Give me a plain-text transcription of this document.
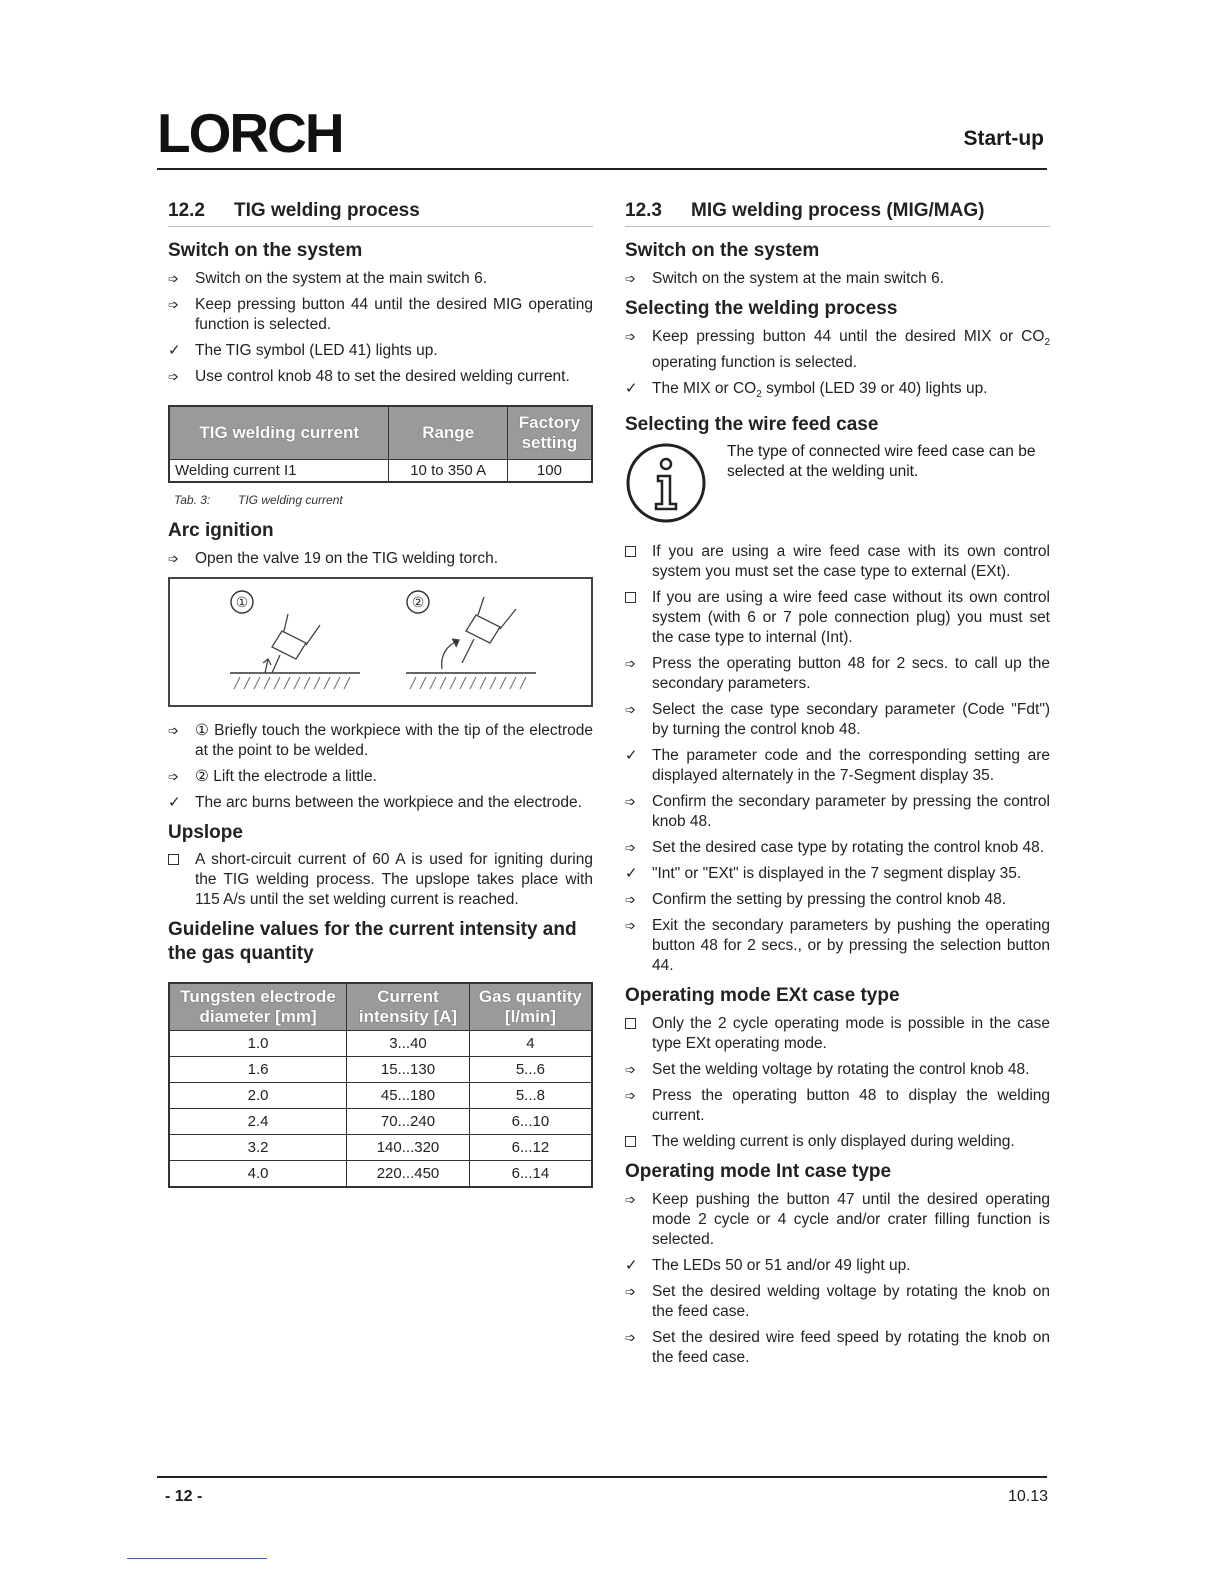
LORCH	Start-up
12.2 TIG welding process
Switch on the system
➩
Switch on the system at the main switch 6.
➩
Keep pressing button 44 until the desired MIG operating function is selected.
✓
The TIG symbol (LED 41) lights up.
➩
Use control knob 48 to set the desired welding current.
TIG welding current	Range	Factory setting
Welding current I1	10 to 350 A	100
Tab. 3: TIG welding current
Arc ignition
➩
Open the valve 19 on the TIG welding torch.
①	②
➩
① Briefly touch the workpiece with the tip of the electrode at the point to be welded.
➩
② Lift the electrode a little.
✓
The arc burns between the workpiece and the electrode.
Upslope
A short-circuit current of 60 A is used for igniting during the TIG welding process. The upslope takes place with 115 A/s until the set welding current is reached.
Guideline values for the current intensity and the gas quantity
Tungsten electrode diameter [mm]	Current intensity [A]	Gas quantity [l/min]
1.0	3...40	4
1.6	15...130	5...6
2.0	45...180	5...8
2.4	70...240	6...10
3.2	140...320	6...12
4.0	220...450	6...14
12.3 MIG welding process (MIG/MAG)
Switch on the system
➩
Switch on the system at the main switch 6.
Selecting the welding process
➩
Keep pressing button 44 until the desired MIX or $CO_2$ operating function is selected.
✓
The MIX or $CO_2$ symbol (LED 39 or 40) lights up.
Selecting the wire feed case
The type of connected wire feed case can be selected at the welding unit.
If you are using a wire feed case with its own control system you must set the case type to external (EXt).
If you are using a wire feed case without its own control system (with 6 or 7 pole connection plug) you must set the case type to internal (Int).
➩
Press the operating button 48 for 2 secs. to call up the secondary parameters.
➩
Select the case type secondary parameter (Code "Fdt") by turning the control knob 48.
✓
The parameter code and the corresponding setting are displayed alternately in the 7-Segment display 35.
➩
Confirm the secondary parameter by pressing the control knob 48.
➩
Set the desired case type by rotating the control knob 48.
✓
"Int" or "EXt" is displayed in the 7 segment display 35.
➩
Confirm the setting by pressing the control knob 48.
➩
Exit the secondary parameters by pushing the operating button 48 for 2 secs., or by pressing the selection button 44.
Operating mode EXt case type
Only the 2 cycle operating mode is possible in the case type EXt operating mode.
➩
Set the welding voltage by rotating the control knob 48.
➩
Press the operating button 48 to display the welding current.
The welding current is only displayed during welding.
Operating mode Int case type
➩
Keep pushing the button 47 until the desired operating mode 2 cycle or 4 cycle and/or crater filling function is selected.
✓
The LEDs 50 or 51 and/or 49 light up.
➩
Set the desired welding voltage by rotating the knob on the feed case.
➩
Set the desired wire feed speed by rotating the knob on the feed case.
- 12 -	10.13
